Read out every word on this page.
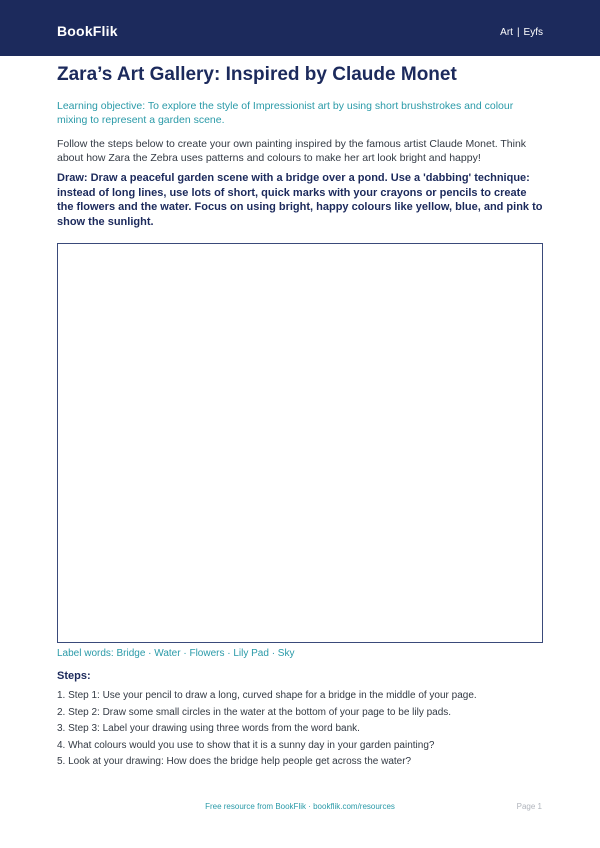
BookFlik	Art | Eyfs
Zara’s Art Gallery: Inspired by Claude Monet
Learning objective: To explore the style of Impressionist art by using short brushstrokes and colour mixing to represent a garden scene.
Follow the steps below to create your own painting inspired by the famous artist Claude Monet. Think about how Zara the Zebra uses patterns and colours to make her art look bright and happy!
Draw: Draw a peaceful garden scene with a bridge over a pond. Use a 'dabbing' technique: instead of long lines, use lots of short, quick marks with your crayons or pencils to create the flowers and the water. Focus on using bright, happy colours like yellow, blue, and pink to show the sunlight.
Label words: Bridge · Water · Flowers · Lily Pad · Sky
Steps:
1. Step 1: Use your pencil to draw a long, curved shape for a bridge in the middle of your page.
2. Step 2: Draw some small circles in the water at the bottom of your page to be lily pads.
3. Step 3: Label your drawing using three words from the word bank.
4. What colours would you use to show that it is a sunny day in your garden painting?
5. Look at your drawing: How does the bridge help people get across the water?
Free resource from BookFlik · bookflik.com/resources	Page 1
